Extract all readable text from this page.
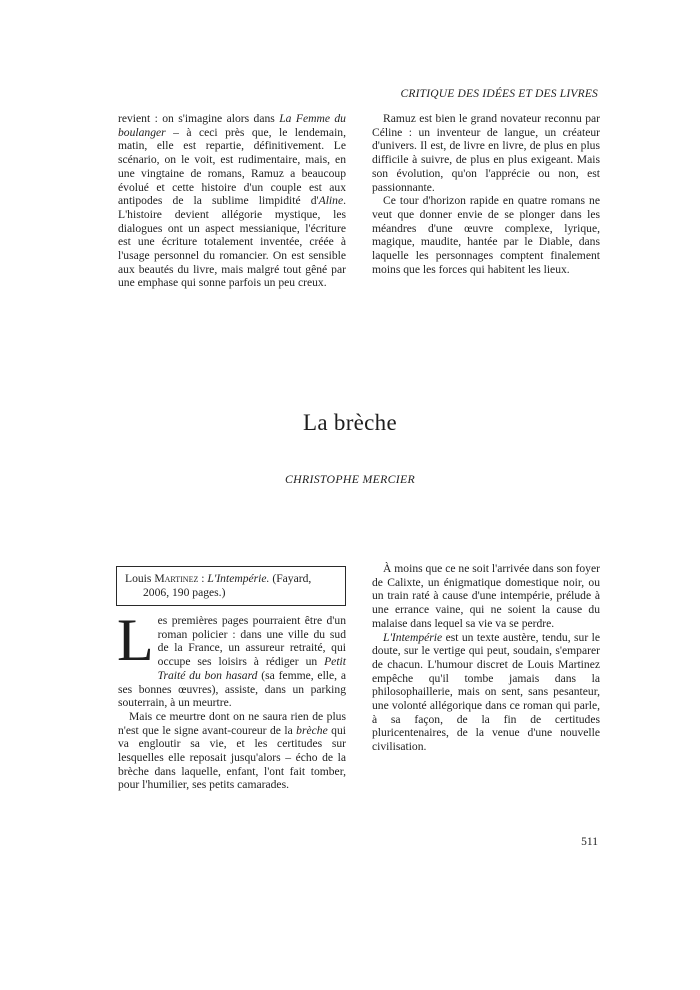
CRITIQUE DES IDÉES ET DES LIVRES

revient : on s'imagine alors dans La Femme du boulanger – à ceci près que, le lendemain, matin, elle est repartie, définitivement. Le scénario, on le voit, est rudimentaire, mais, en une vingtaine de romans, Ramuz a beaucoup évolué et cette histoire d'un couple est aux antipodes de la sublime limpidité d'Aline. L'histoire devient allégorie mystique, les dialogues ont un aspect messianique, l'écriture est une écriture totalement inventée, créée à l'usage personnel du romancier. On est sensible aux beautés du livre, mais malgré tout gêné par une emphase qui sonne parfois un peu creux.

Ramuz est bien le grand novateur reconnu par Céline : un inventeur de langue, un créateur d'univers. Il est, de livre en livre, de plus en plus difficile à suivre, de plus en plus exigeant. Mais son évolution, qu'on l'apprécie ou non, est passionnante.

Ce tour d'horizon rapide en quatre romans ne veut que donner envie de se plonger dans les méandres d'une œuvre complexe, lyrique, magique, maudite, hantée par le Diable, dans laquelle les personnages comptent finalement moins que les forces qui habitent les lieux.

La brèche
CHRISTOPHE MERCIER
Louis Martinez : L'Intempérie. (Fayard,
2006, 190 pages.)

Les premières pages pourraient être d'un roman policier : dans une ville du sud de la France, un assureur retraité, qui occupe ses loisirs à rédiger un Petit Traité du bon hasard (sa femme, elle, a ses bonnes œuvres), assiste, dans un parking souterrain, à un meurtre.

Mais ce meurtre dont on ne saura rien de plus n'est que le signe avant-coureur de la brèche qui va engloutir sa vie, et les certitudes sur lesquelles elle reposait jusqu'alors – écho de la brèche dans laquelle, enfant, l'ont fait tomber, pour l'humilier, ses petits camarades.

À moins que ce ne soit l'arrivée dans son foyer de Calixte, un énigmatique domestique noir, ou un train raté à cause d'une intempérie, prélude à une errance vaine, qui ne soient la cause du malaise dans lequel sa vie va se perdre.

L'Intempérie est un texte austère, tendu, sur le doute, sur le vertige qui peut, soudain, s'emparer de chacun. L'humour discret de Louis Martinez empêche qu'il tombe jamais dans la philosophaillerie, mais on sent, sans pesanteur, une volonté allégorique dans ce roman qui parle, à sa façon, de la fin de certitudes pluricentenaires, de la venue d'une nouvelle civilisation.

511
